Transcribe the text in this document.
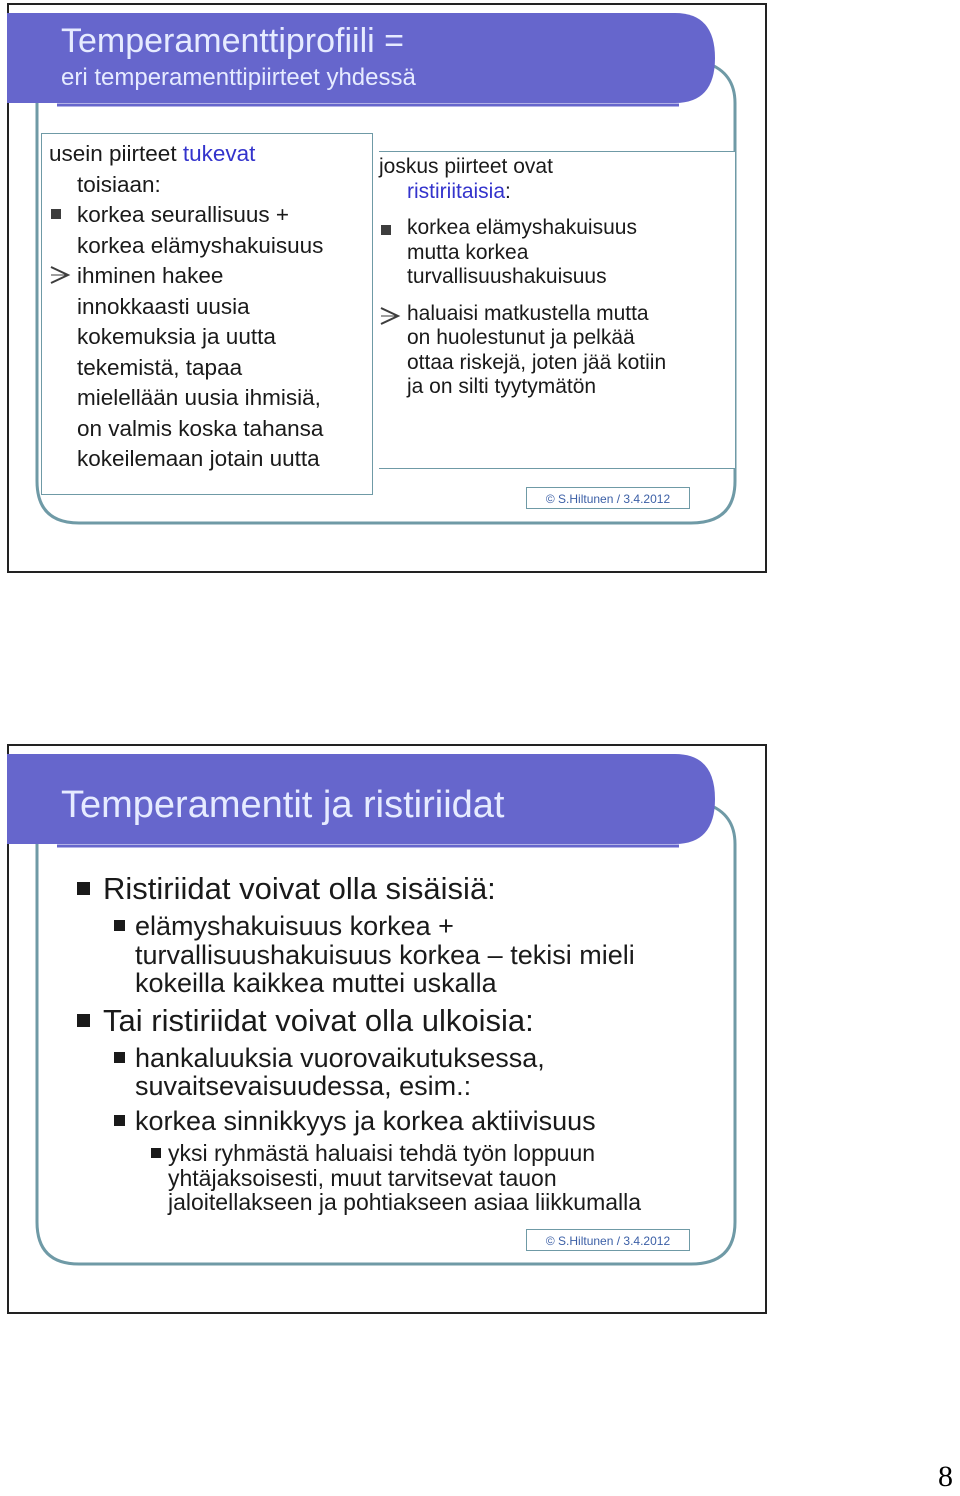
Temperamenttiprofiili =
eri temperamenttipiirteet yhdessä
usein piirteet tukevat
toisiaan:
korkea seurallisuus +
korkea elämyshakuisuus
ihminen hakee
innokkaasti uusia
kokemuksia ja uutta
tekemistä, tapaa
mielellään uusia ihmisiä,
on valmis koska tahansa
kokeilemaan jotain uutta
joskus piirteet ovat
ristiriitaisia:
korkea elämyshakuisuus
mutta korkea
turvallisuushakuisuus
haluaisi matkustella mutta
on huolestunut ja pelkää
ottaa riskejä, joten jää kotiin
ja on silti tyytymätön
© S.Hiltunen / 3.4.2012
Temperamentit ja ristiriidat
Ristiriidat voivat olla sisäisiä:
elämyshakuisuus korkea +
turvallisuushakuisuus korkea – tekisi mieli
kokeilla kaikkea muttei uskalla
Tai ristiriidat voivat olla ulkoisia:
hankaluuksia vuorovaikutuksessa,
suvaitsevaisuudessa, esim.:
korkea sinnikkyys ja korkea aktiivisuus
yksi ryhmästä haluaisi tehdä työn loppuun
yhtäjaksoisesti, muut tarvitsevat tauon
jaloitellakseen ja pohtiakseen asiaa liikkumalla
© S.Hiltunen / 3.4.2012
8
